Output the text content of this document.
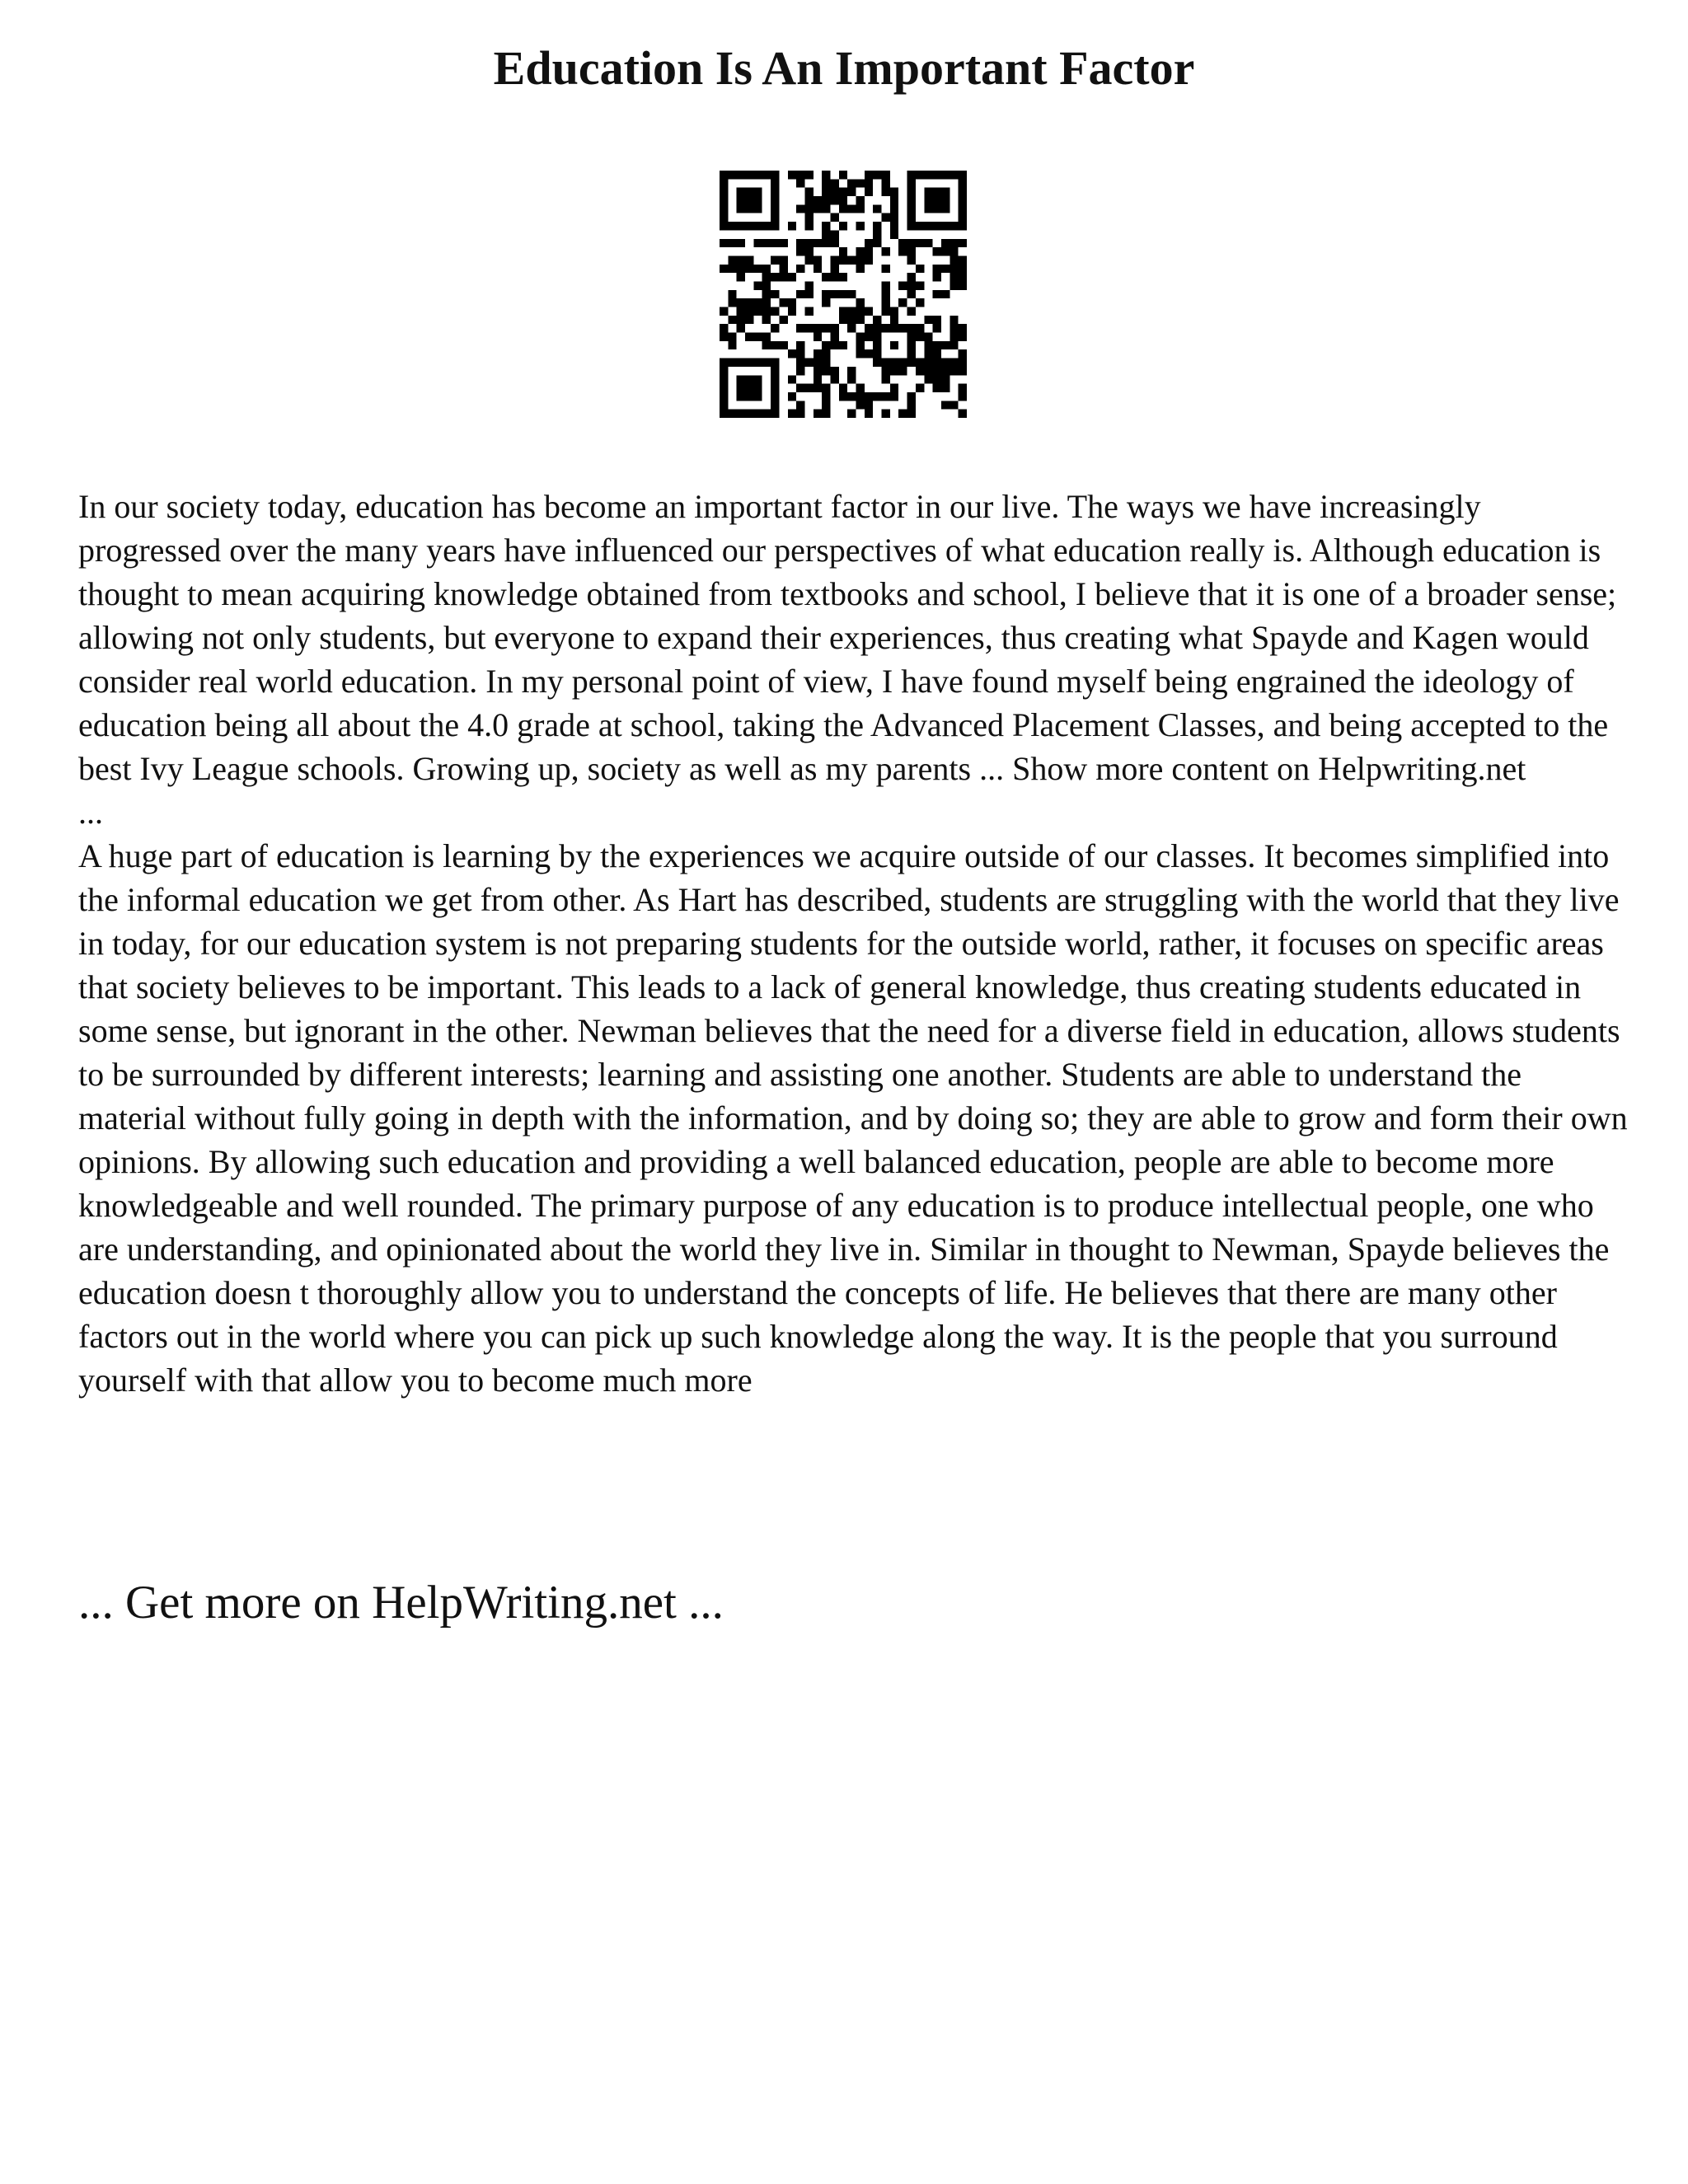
Education Is An Important Factor

In our society today, education has become an important factor in our live. The ways we have increasingly progressed over the many years have influenced our perspectives of what education really is. Although education is thought to mean acquiring knowledge obtained from textbooks and school, I believe that it is one of a broader sense; allowing not only students, but everyone to expand their experiences, thus creating what Spayde and Kagen would consider real world education. In my personal point of view, I have found myself being engrained the ideology of education being all about the 4.0 grade at school, taking the Advanced Placement Classes, and being accepted to the best Ivy League schools. Growing up, society as well as my parents ... Show more content on Helpwriting.net

...

A huge part of education is learning by the experiences we acquire outside of our classes. It becomes simplified into the informal education we get from other. As Hart has described, students are struggling with the world that they live in today, for our education system is not preparing students for the outside world, rather, it focuses on specific areas that society believes to be important. This leads to a lack of general knowledge, thus creating students educated in some sense, but ignorant in the other. Newman believes that the need for a diverse field in education, allows students to be surrounded by different interests; learning and assisting one another. Students are able to understand the material without fully going in depth with the information, and by doing so; they are able to grow and form their own opinions. By allowing such education and providing a well balanced education, people are able to become more knowledgeable and well rounded. The primary purpose of any education is to produce intellectual people, one who are understanding, and opinionated about the world they live in. Similar in thought to Newman, Spayde believes the education doesn t thoroughly allow you to understand the concepts of life. He believes that there are many other factors out in the world where you can pick up such knowledge along the way. It is the people that you surround yourself with that allow you to become much more

... Get more on HelpWriting.net ...
